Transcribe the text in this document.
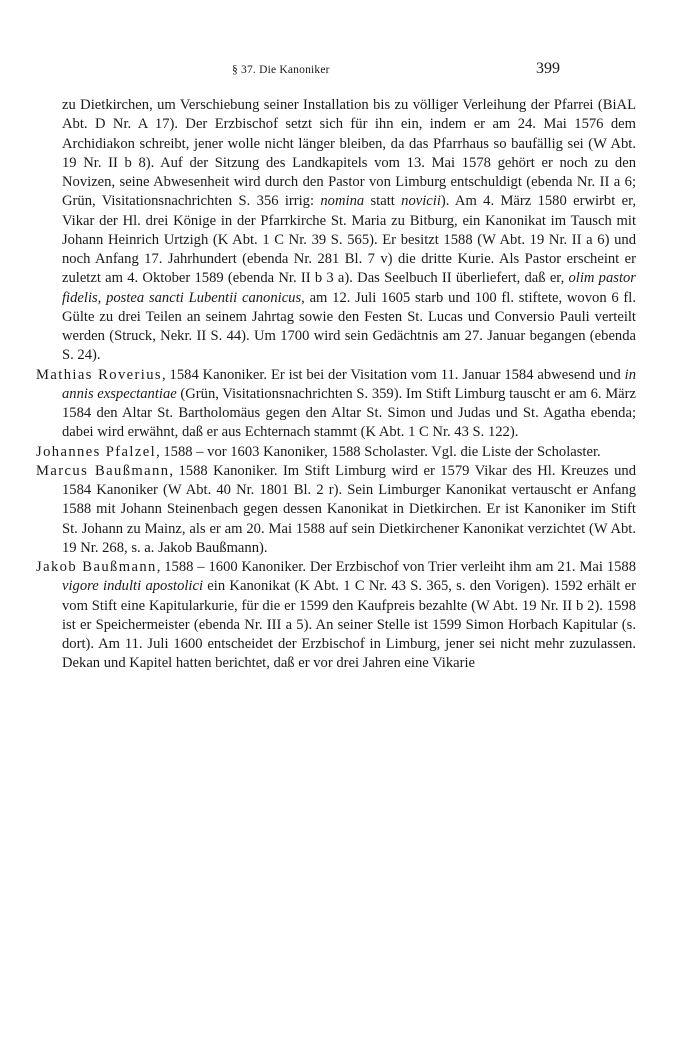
§ 37. Die Kanoniker	399

zu Dietkirchen, um Verschiebung seiner Installation bis zu völliger Verleihung der Pfarrei (BiAL Abt. D Nr. A 17). Der Erzbischof setzt sich für ihn ein, indem er am 24. Mai 1576 dem Archidiakon schreibt, jener wolle nicht länger bleiben, da das Pfarrhaus so baufällig sei (W Abt. 19 Nr. II b 8). Auf der Sitzung des Landkapitels vom 13. Mai 1578 gehört er noch zu den Novizen, seine Abwesenheit wird durch den Pastor von Limburg entschuldigt (ebenda Nr. II a 6; Grün, Visitationsnachrichten S. 356 irrig: nomina statt novicii). Am 4. März 1580 erwirbt er, Vikar der Hl. drei Könige in der Pfarrkirche St. Maria zu Bitburg, ein Kanonikat im Tausch mit Johann Heinrich Urtzigh (K Abt. 1 C Nr. 39 S. 565). Er besitzt 1588 (W Abt. 19 Nr. II a 6) und noch Anfang 17. Jahrhundert (ebenda Nr. 281 Bl. 7 v) die dritte Kurie. Als Pastor erscheint er zuletzt am 4. Oktober 1589 (ebenda Nr. II b 3 a). Das Seelbuch II überliefert, daß er, olim pastor fidelis, postea sancti Lubentii canonicus, am 12. Juli 1605 starb und 100 fl. stiftete, wovon 6 fl. Gülte zu drei Teilen an seinem Jahrtag sowie den Festen St. Lucas und Conversio Pauli verteilt werden (Struck, Nekr. II S. 44). Um 1700 wird sein Gedächtnis am 27. Januar begangen (ebenda S. 24).

Mathias Roverius, 1584 Kanoniker. Er ist bei der Visitation vom 11. Januar 1584 abwesend und in annis exspectantiae (Grün, Visitationsnachrichten S. 359). Im Stift Limburg tauscht er am 6. März 1584 den Altar St. Bartholomäus gegen den Altar St. Simon und Judas und St. Agatha ebenda; dabei wird erwähnt, daß er aus Echternach stammt (K Abt. 1 C Nr. 43 S. 122).

Johannes Pfalzel, 1588 – vor 1603 Kanoniker, 1588 Scholaster. Vgl. die Liste der Scholaster.

Marcus Baußmann, 1588 Kanoniker. Im Stift Limburg wird er 1579 Vikar des Hl. Kreuzes und 1584 Kanoniker (W Abt. 40 Nr. 1801 Bl. 2 r). Sein Limburger Kanonikat vertauscht er Anfang 1588 mit Johann Steinenbach gegen dessen Kanonikat in Dietkirchen. Er ist Kanoniker im Stift St. Johann zu Mainz, als er am 20. Mai 1588 auf sein Dietkirchener Kanonikat verzichtet (W Abt. 19 Nr. 268, s. a. Jakob Baußmann).

Jakob Baußmann, 1588 – 1600 Kanoniker. Der Erzbischof von Trier verleiht ihm am 21. Mai 1588 vigore indulti apostolici ein Kanonikat (K Abt. 1 C Nr. 43 S. 365, s. den Vorigen). 1592 erhält er vom Stift eine Kapitularkurie, für die er 1599 den Kaufpreis bezahlte (W Abt. 19 Nr. II b 2). 1598 ist er Speichermeister (ebenda Nr. III a 5). An seiner Stelle ist 1599 Simon Horbach Kapitular (s. dort). Am 11. Juli 1600 entscheidet der Erzbischof in Limburg, jener sei nicht mehr zuzulassen. Dekan und Kapitel hatten berichtet, daß er vor drei Jahren eine Vikarie
